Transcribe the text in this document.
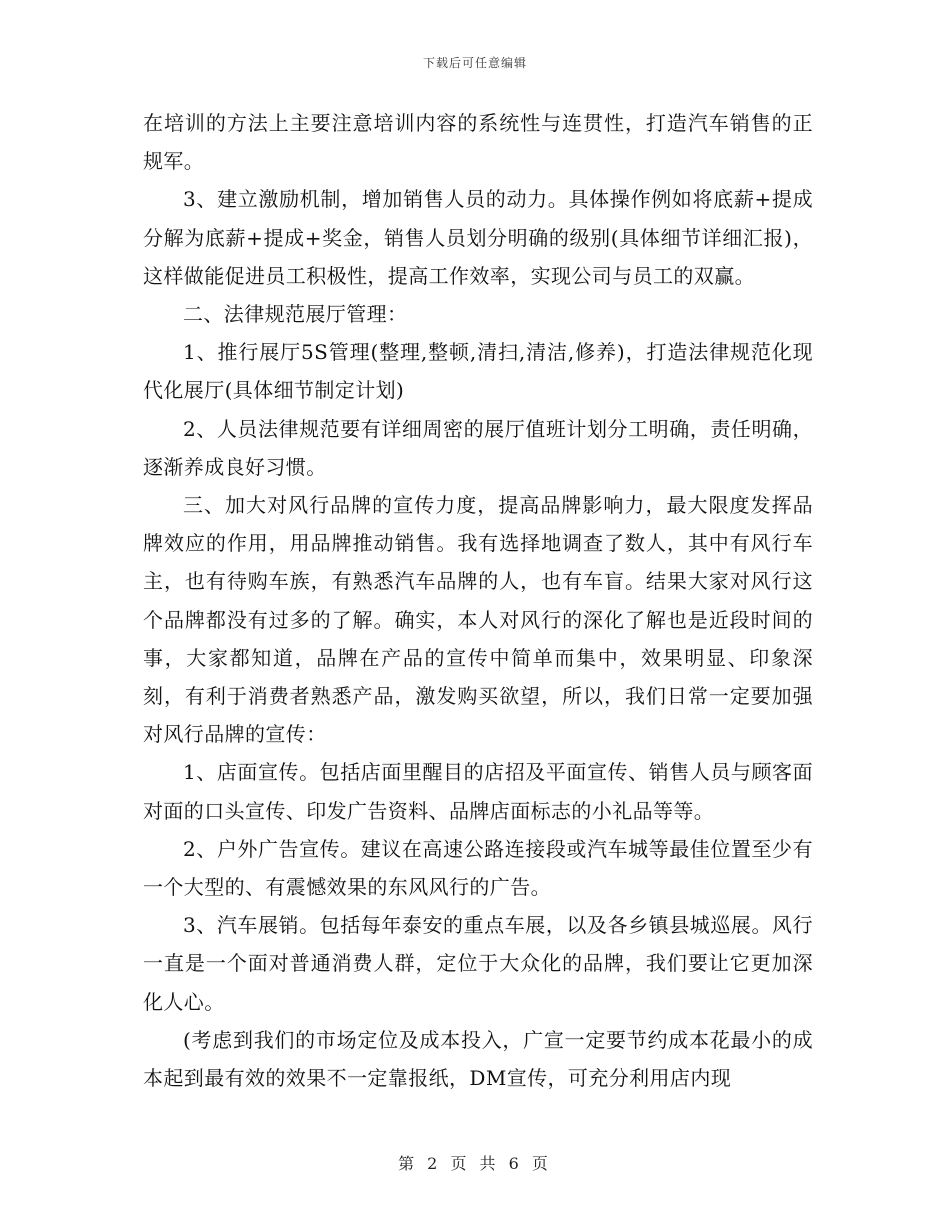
下载后可任意编辑

在培训的方法上主要注意培训内容的系统性与连贯性，打造汽车销售的正规军。

3、建立激励机制，增加销售人员的动力。具体操作例如将底薪+提成分解为底薪+提成+奖金，销售人员划分明确的级别(具体细节详细汇报)，这样做能促进员工积极性，提高工作效率，实现公司与员工的双赢。

二、法律规范展厅管理：

1、推行展厅5S管理(整理,整顿,清扫,清洁,修养)，打造法律规范化现代化展厅(具体细节制定计划)

2、人员法律规范要有详细周密的展厅值班计划分工明确，责任明确，逐渐养成良好习惯。

三、加大对风行品牌的宣传力度，提高品牌影响力，最大限度发挥品牌效应的作用，用品牌推动销售。我有选择地调查了数人，其中有风行车主，也有待购车族，有熟悉汽车品牌的人，也有车盲。结果大家对风行这个品牌都没有过多的了解。确实，本人对风行的深化了解也是近段时间的事，大家都知道，品牌在产品的宣传中简单而集中，效果明显、印象深刻，有利于消费者熟悉产品，激发购买欲望，所以，我们日常一定要加强对风行品牌的宣传：

1、店面宣传。包括店面里醒目的店招及平面宣传、销售人员与顾客面对面的口头宣传、印发广告资料、品牌店面标志的小礼品等等。

2、户外广告宣传。建议在高速公路连接段或汽车城等最佳位置至少有一个大型的、有震憾效果的东风风行的广告。

3、汽车展销。包括每年泰安的重点车展，以及各乡镇县城巡展。风行一直是一个面对普通消费人群，定位于大众化的品牌，我们要让它更加深化人心。

(考虑到我们的市场定位及成本投入，广宣一定要节约成本花最小的成本起到最有效的效果不一定靠报纸，DM宣传，可充分利用店内现

第 2 页 共 6 页
